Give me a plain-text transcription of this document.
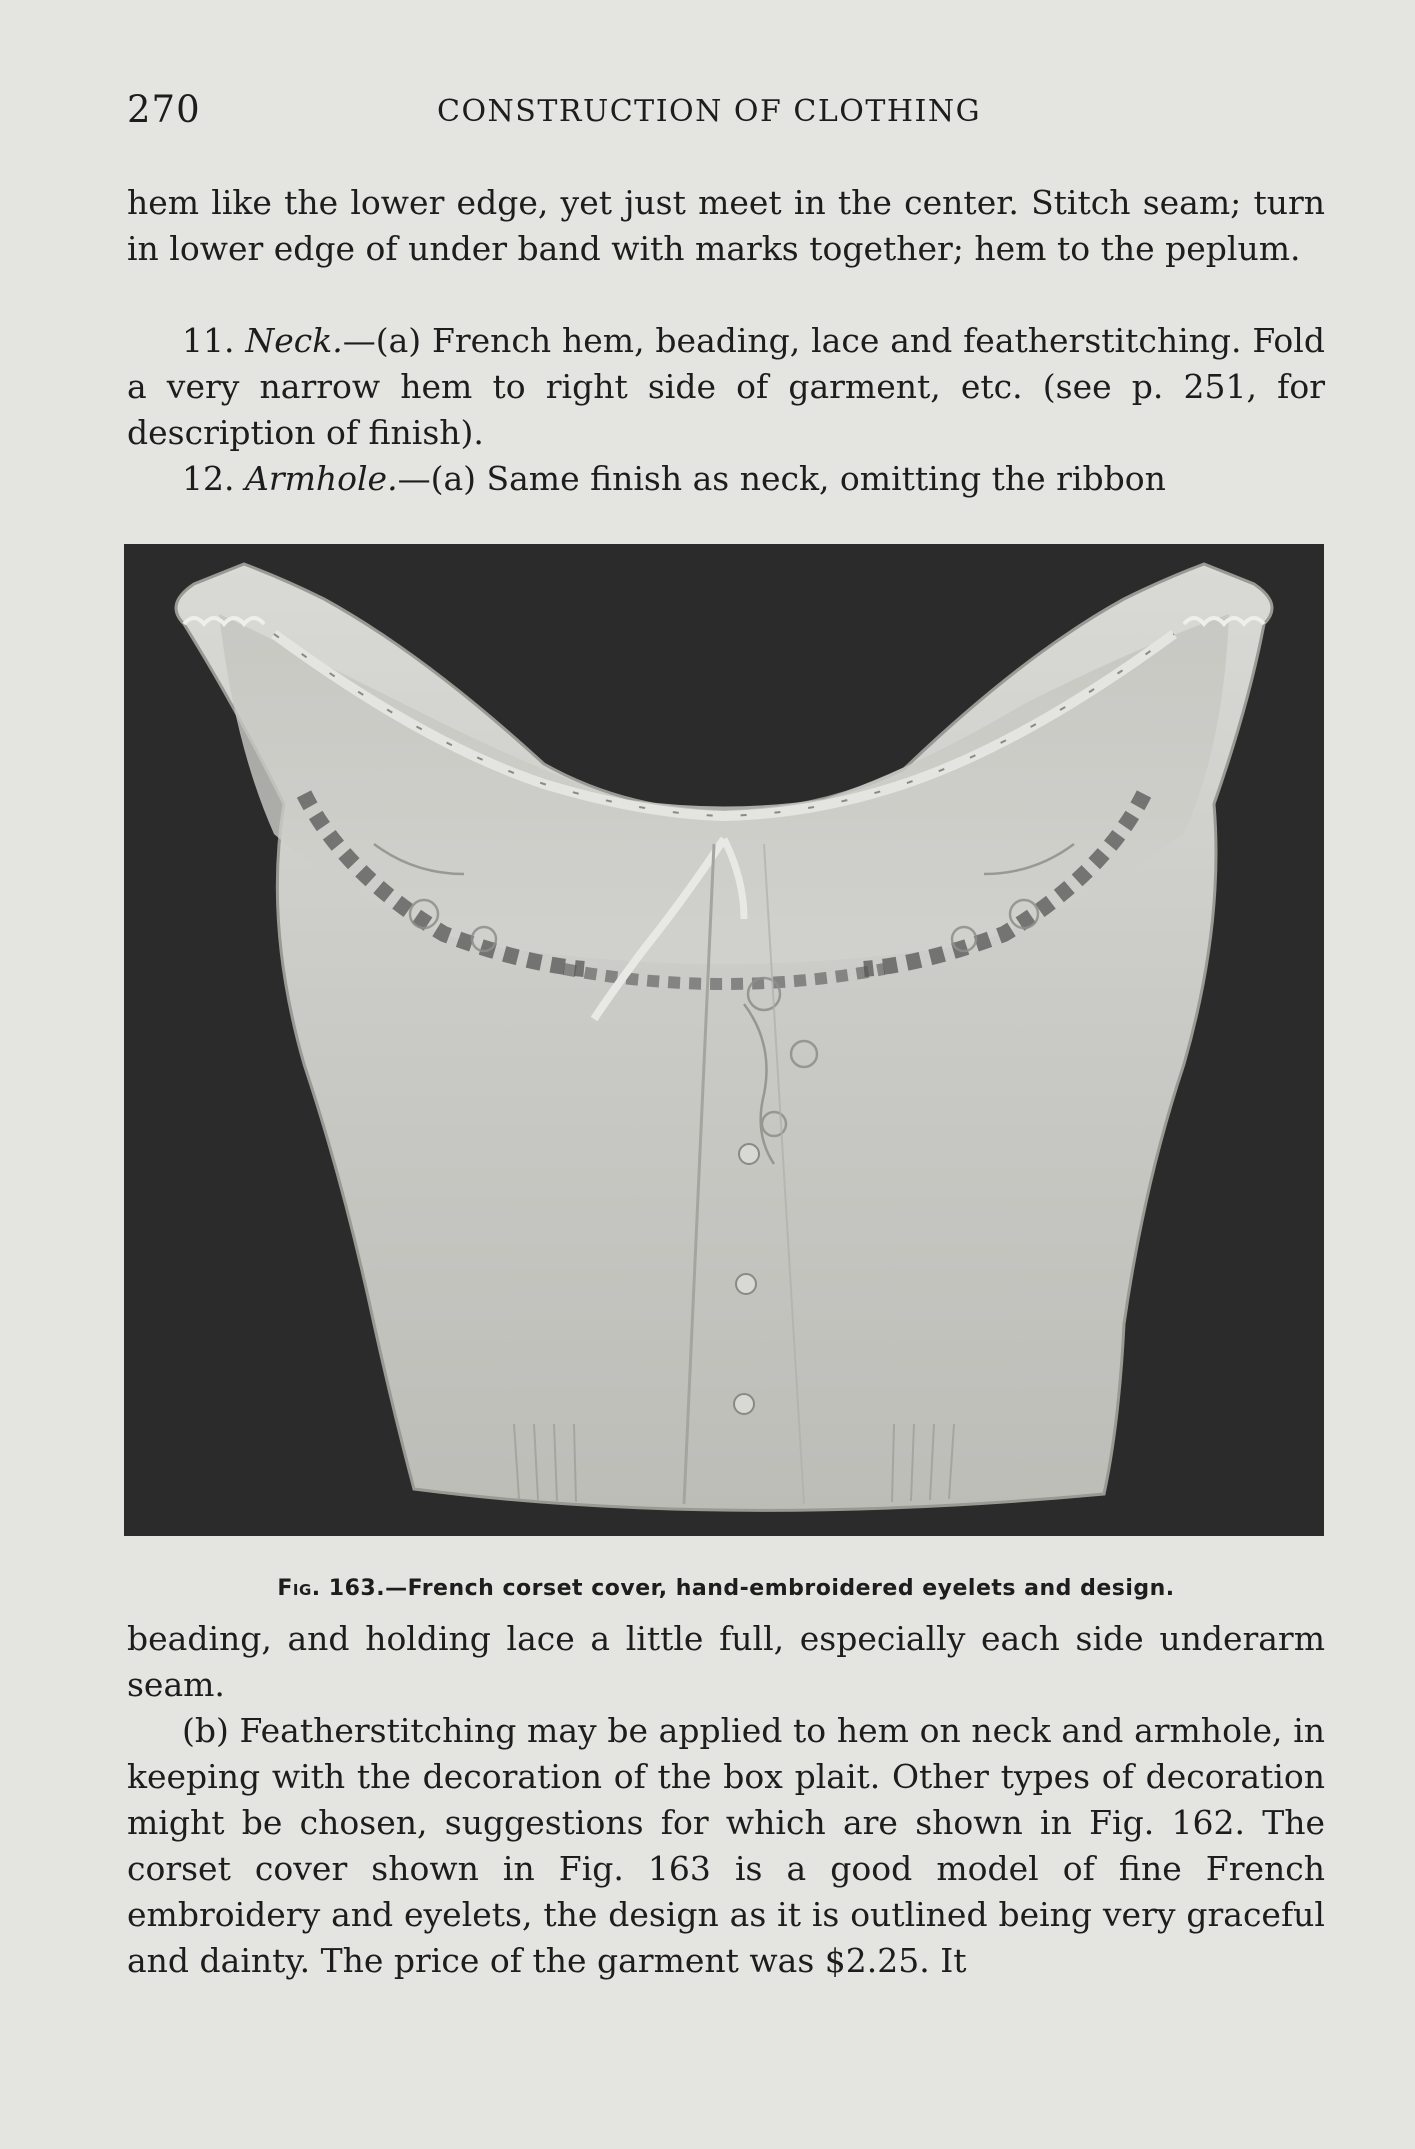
270	CONSTRUCTION OF CLOTHING

hem like the lower edge, yet just meet in the center. Stitch seam; turn in lower edge of under band with marks together; hem to the peplum.

11. Neck.—(a) French hem, beading, lace and featherstitching. Fold a very narrow hem to right side of garment, etc. (see p. 251, for description of finish).

12. Armhole.—(a) Same finish as neck, omitting the ribbon

Fig. 163.—French corset cover, hand-embroidered eyelets and design.

beading, and holding lace a little full, especially each side underarm seam.

(b) Featherstitching may be applied to hem on neck and armhole, in keeping with the decoration of the box plait. Other types of decoration might be chosen, suggestions for which are shown in Fig. 162. The corset cover shown in Fig. 163 is a good model of fine French embroidery and eyelets, the design as it is outlined being very graceful and dainty. The price of the garment was $2.25. It
